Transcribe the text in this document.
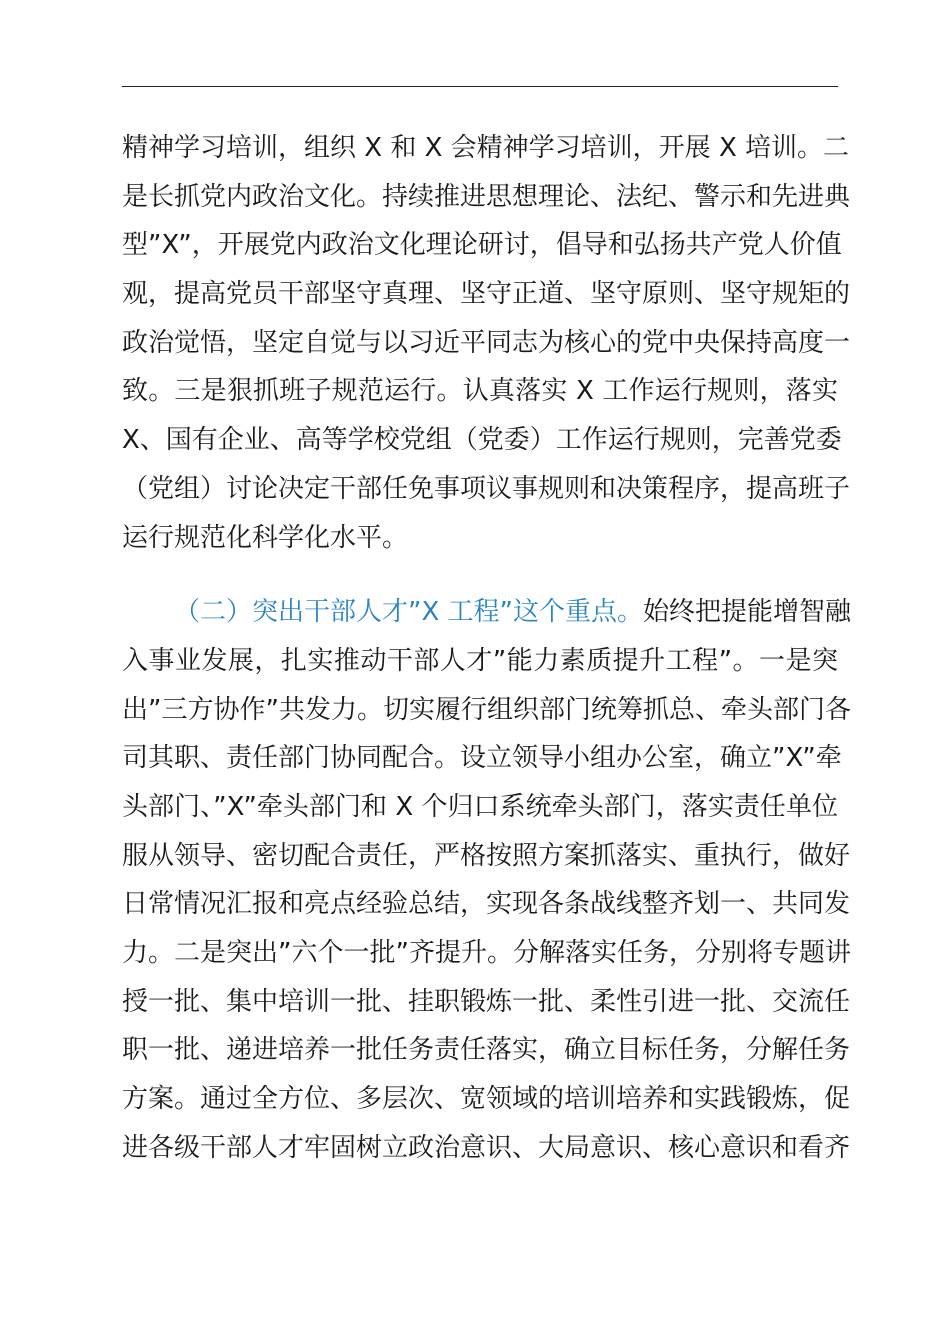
精神学习培训，组织 X 和 X 会精神学习培训，开展 X 培训。二
是长抓党内政治文化。持续推进思想理论、法纪、警示和先进典
型”X”，开展党内政治文化理论研讨，倡导和弘扬共产党人价值
观，提高党员干部坚守真理、坚守正道、坚守原则、坚守规矩的
政治觉悟，坚定自觉与以习近平同志为核心的党中央保持高度一
致。三是狠抓班子规范运行。认真落实 X 工作运行规则，落实
X、国有企业、高等学校党组（党委）工作运行规则，完善党委
（党组）讨论决定干部任免事项议事规则和决策程序，提高班子
运行规范化科学化水平。
（二）突出干部人才”X 工程”这个重点。始终把提能增智融
入事业发展，扎实推动干部人才”能力素质提升工程”。一是突
出”三方协作”共发力。切实履行组织部门统筹抓总、牵头部门各
司其职、责任部门协同配合。设立领导小组办公室，确立”X”牵
头部门、”X”牵头部门和 X 个归口系统牵头部门，落实责任单位
服从领导、密切配合责任，严格按照方案抓落实、重执行，做好
日常情况汇报和亮点经验总结，实现各条战线整齐划一、共同发
力。二是突出”六个一批”齐提升。分解落实任务，分别将专题讲
授一批、集中培训一批、挂职锻炼一批、柔性引进一批、交流任
职一批、递进培养一批任务责任落实，确立目标任务，分解任务
方案。通过全方位、多层次、宽领域的培训培养和实践锻炼，促
进各级干部人才牢固树立政治意识、大局意识、核心意识和看齐
